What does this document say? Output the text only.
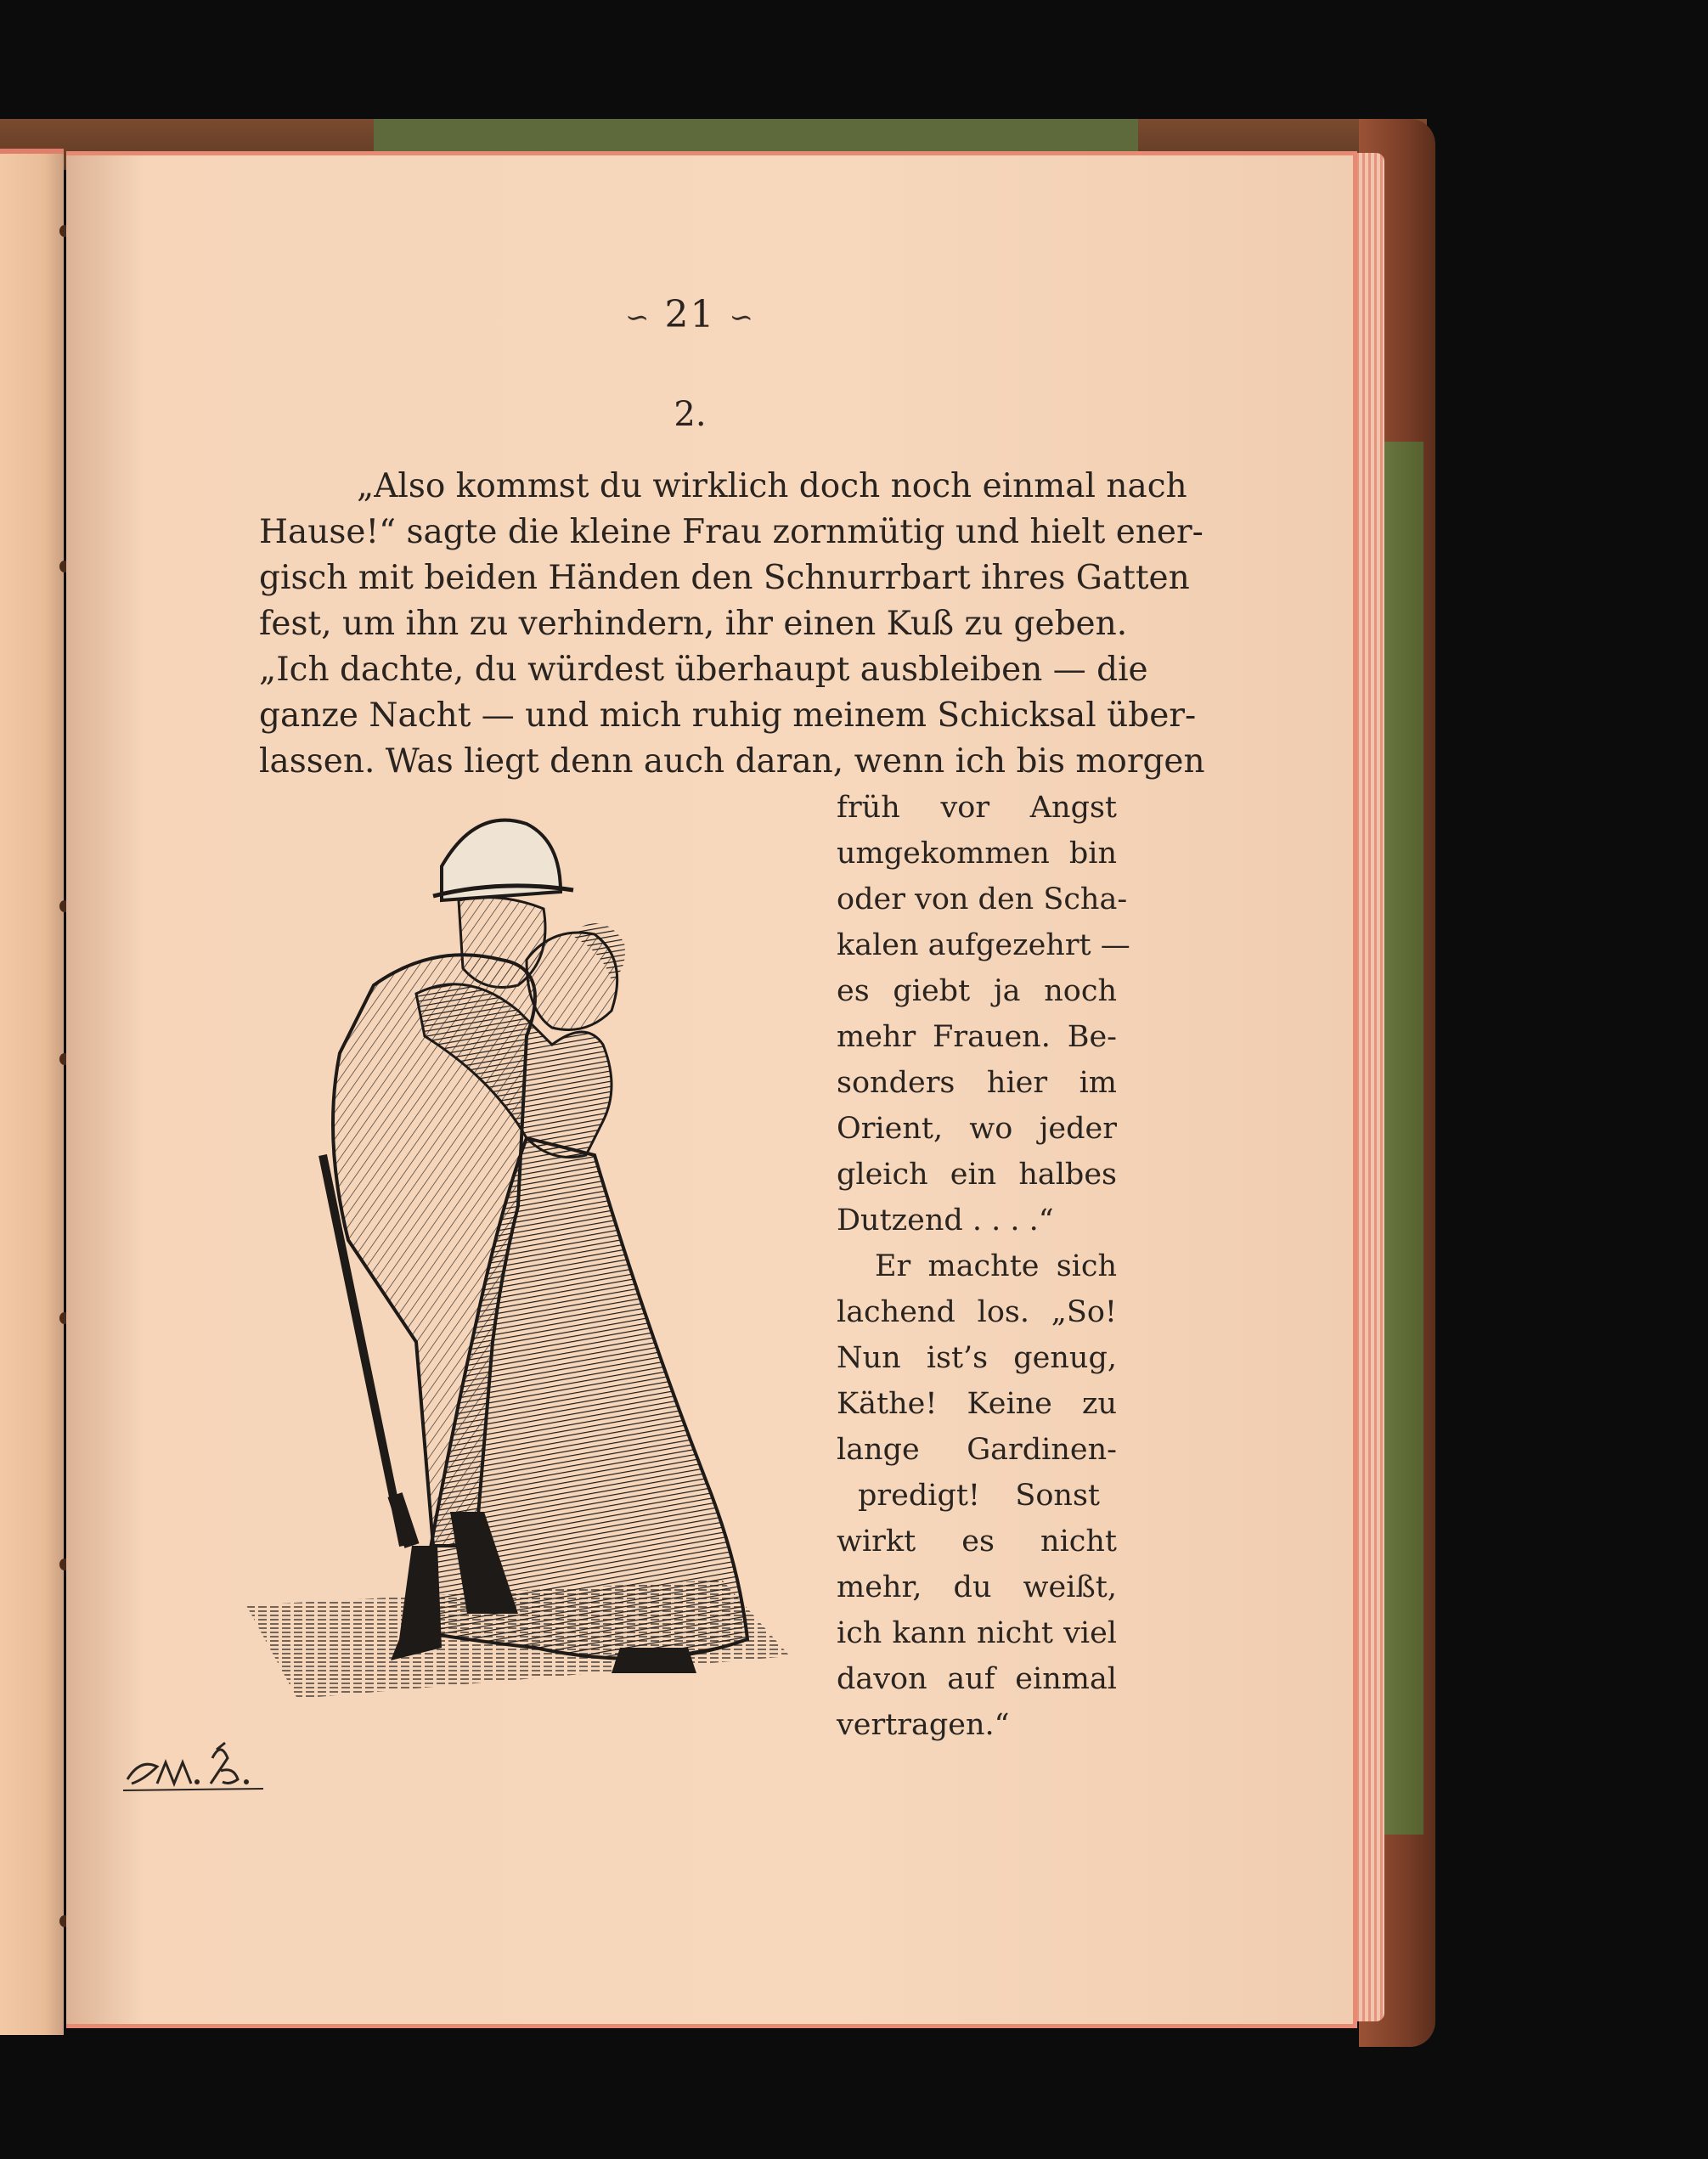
∽ 21 ∽
2.
„Also kommst du wirklich doch noch einmal nach
Hause!“ sagte die kleine Frau zornmütig und hielt ener-
gisch mit beiden Händen den Schnurrbart ihres Gatten
fest, um ihn zu verhindern, ihr einen Kuß zu geben.
„Ich dachte, du würdest überhaupt ausbleiben — die
ganze Nacht — und mich ruhig meinem Schicksal über-
lassen. Was liegt denn auch daran, wenn ich bis morgen
früh vor Angst
umgekommen bin
oder von den Scha-
kalen aufgezehrt —
es giebt ja noch
mehr Frauen. Be-
sonders hier im
Orient, wo jeder
gleich ein halbes
Dutzend . . . .“
Er machte sich
lachend los. „So!
Nun ist’s genug,
Käthe! Keine zu
lange Gardinen-
predigt! Sonst
wirkt es nicht
mehr, du weißt,
ich kann nicht viel
davon auf einmal
vertragen.“
